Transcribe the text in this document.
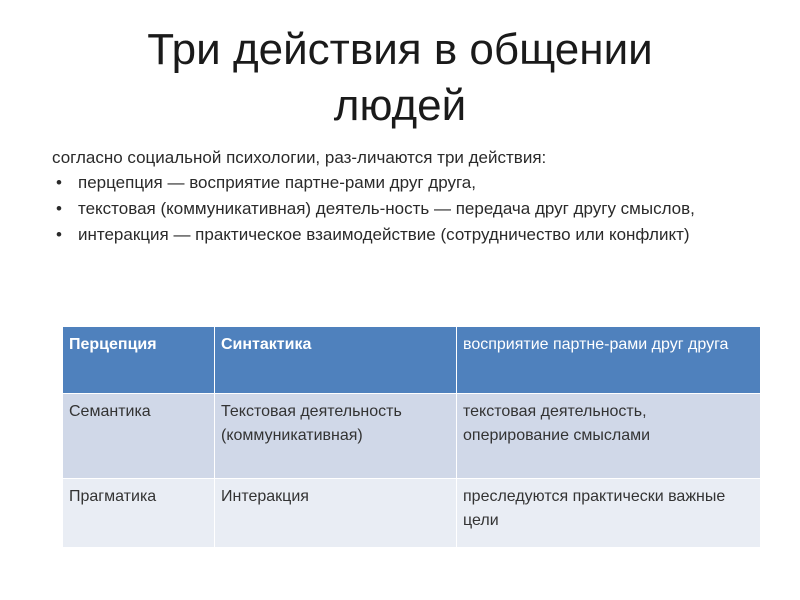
Три действия в общении
людей
согласно социальной психологии, раз-личаются три действия:
• перцепция — восприятие партне-рами друг друга,
• текстовая (коммуникативная) деятель-ность — передача друг другу смыслов,
• интеракция — практическое взаимодействие (сотрудничество или конфликт)
Перцепция	Синтактика	восприятие партне-рами друг друга
Семантика	Текстовая деятельность (коммуникативная)	текстовая деятельность, оперирование смыслами
Прагматика	Интеракция	преследуются практически важные цели
